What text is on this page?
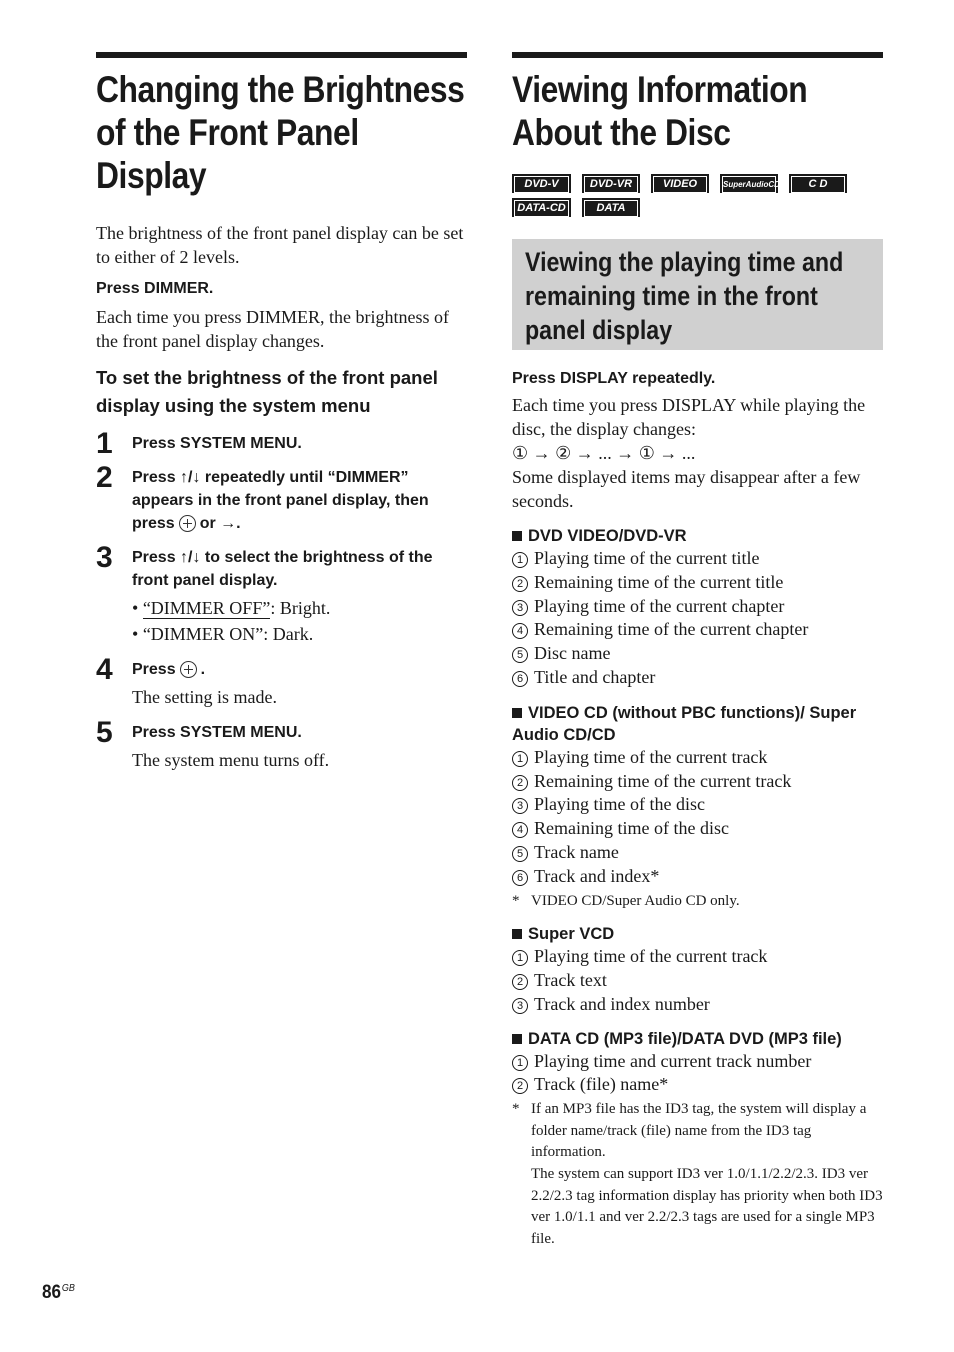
Changing the Brightness
of the Front Panel
Display

The brightness of the front panel display can be set to either of 2 levels.

Press DIMMER.

Each time you press DIMMER, the brightness of the front panel display changes.

To set the brightness of the front panel display using the system menu

1 Press SYSTEM MENU.

2 Press ↑/↓ repeatedly until “DIMMER” appears in the front panel display, then press or →.

3 Press ↑/↓ to select the brightness of the front panel display.

• “DIMMER OFF”: Bright.

• “DIMMER ON”: Dark.

4 Press .

The setting is made.

5 Press SYSTEM MENU.

The system menu turns off.

Viewing Information
About the Disc
DVD-V	DVD-VR	VIDEO CD
SuperAudioCD	C D
DATA-CD	DATA DVD
Viewing the playing time and
remaining time in the front
panel display

Press DISPLAY repeatedly.

Each time you press DISPLAY while playing the disc, the display changes:

① → ② → ... → ① → ...

Some displayed items may disappear after a few seconds.

DVD VIDEO/DVD-VR

1 Playing time of the current title

2 Remaining time of the current title

3 Playing time of the current chapter

4 Remaining time of the current chapter

5 Disc name

6 Title and chapter

VIDEO CD (without PBC functions)/ Super Audio CD/CD

1 Playing time of the current track

2 Remaining time of the current track

3 Playing time of the disc

4 Remaining time of the disc

5 Track name

6 Track and index*

* VIDEO CD/Super Audio CD only.

Super VCD

1 Playing time of the current track

2 Track text

3 Track and index number

DATA CD (MP3 file)/DATA DVD (MP3 file)

1 Playing time and current track number

2 Track (file) name*

* If an MP3 file has the ID3 tag, the system will display a folder name/track (file) name from the ID3 tag information.

The system can support ID3 ver 1.0/1.1/2.2/2.3. ID3 ver 2.2/2.3 tag information display has priority when both ID3 ver 1.0/1.1 and ver 2.2/2.3 tags are used for a single MP3 file.

$86^{GB}$
